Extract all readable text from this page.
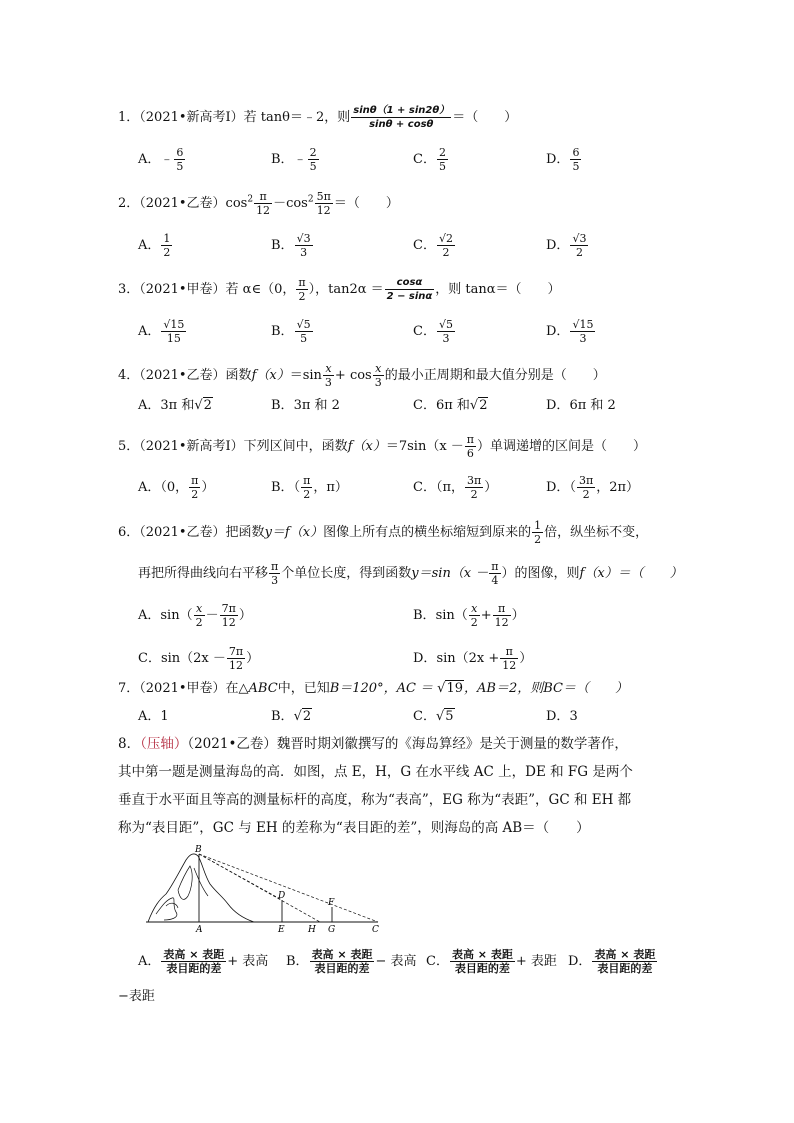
1．（2021•新高考Ⅰ）若 tanθ＝﹣2，则 $\frac{\sin\theta(1 + \sin 2\theta)}{\sin\theta + \cos\theta}$ ＝（　　）
A．﹣ $\frac{6}{5}$	B．﹣ $\frac{2}{5}$	C． $\frac{2}{5}$	D． $\frac{6}{5}$
2．（2021•乙卷）$\cos^2 \frac{\pi}{12} -\cos^2 \frac{5\pi}{12}$ ＝（　　）
A． $\frac{1}{2}$	B． $\frac{√3}{3}$	C． $\frac{√2}{2}$	D． $\frac{√3}{2}$
3．（2021•甲卷）若 α∈（0， $\frac{\pi}{2}$ ），$\tan 2\alpha = \frac{\cos\alpha}{2 - \sin\alpha}$ ，则 tanα＝（　　）
A． $\frac{√15}{15}$	B． $\frac{√5}{5}$	C． $\frac{√5}{3}$	D． $\frac{√15}{3}$
4．（2021•乙卷）函数$f(x)=\sin \frac{x}{3} + \cos \frac{x}{3}$ 的最小正周期和最大值分别是（　　）
A．3π 和√2	B．3π 和 2	C．6π 和√2	D．6π 和 2
5．（2021•新高考Ⅰ）下列区间中，函数$f(x)=7\sin(x - \frac{\pi}{6}$ ）单调递增的区间是（　　）
A．（0， $\frac{\pi}{2}$ ）	B．（ $\frac{\pi}{2}$ ，π）	C．（π， $\frac{3\pi}{2}$ ）	D．（ $\frac{3\pi}{2}$ ，2π）
6．（2021•乙卷）把函数y＝f（x）图像上所有点的横坐标缩短到原来的 $\frac{1}{2}$ 倍，纵坐标不变，
再把所得曲线向右平移 $\frac{\pi}{3}$ 个单位长度，得到函数$y=\sin(x - \frac{\pi}{4}$ ）的图像，则f（x）＝（　　）
A．$\sin( \frac{x}{2} - \frac{7\pi}{12}$ ）	B．$\sin( \frac{x}{2} + \frac{\pi}{12}$ ）
C．$\sin(2x - \frac{7\pi}{12}$ ）	D．$\sin(2x + \frac{\pi}{12}$ ）
7．（2021•甲卷）在△ABC中，已知B＝120°，AC ＝ √19，AB＝2，则BC＝（　　）
A．1	B．√2	C．√5	D．3
8．（压轴）（2021•乙卷）魏晋时期刘徽撰写的《海岛算经》是关于测量的数学著作，其中第一题是测量海岛的高．如图，点 E，H，G 在水平线 AC 上，DE 和 FG 是两个垂直于水平面且等高的测量标杆的高度，称为“表高”，EG 称为“表距”，GC 和 EH 都称为“表目距”，GC 与 EH 的差称为“表目距的差”，则海岛的高 AB＝（　　）
B
A
D
E	H
F
G	C
A． $\frac{\text{表高 × 表距}}{\text{表目距的差}}$ + 表高 B． $\frac{\text{表高 × 表距}}{\text{表目距的差}}$ − 表高 C． $\frac{\text{表高 × 表距}}{\text{表目距的差}}$ + 表距 D． $\frac{\text{表高 × 表距}}{\text{表目距的差}}$
−表距
